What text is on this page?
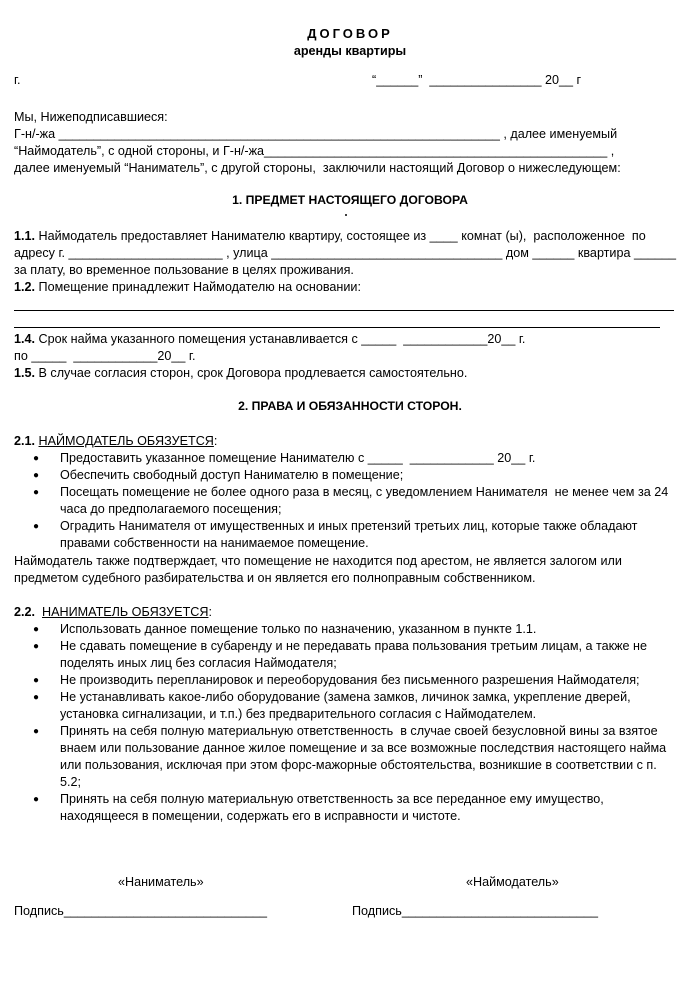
ДОГОВОР
аренды квартиры
г.	“______”  ________________ 20__ г
Мы, Нижеподписавшиеся:
Г-н/-жа _______________________________________________________________ , далее именуемый
“Наймодатель”, с одной стороны, и Г-н/-жа_________________________________________________ ,
далее именуемый “Наниматель”, с другой стороны,  заключили настоящий Договор о нижеследующем:
1. ПРЕДМЕТ НАСТОЯЩЕГО ДОГОВОРА
1.1. Наймодатель предоставляет Нанимателю квартиру, состоящее из ____ комнат (ы),  расположенное  по
адресу г. ______________________ , улица _________________________________ дом ______ квартира ______
за плату, во временное пользование в целях проживания.
1.2. Помещение принадлежит Наймодателю на основании:
1.4. Срок найма указанного помещения устанавливается с _____  ____________20__ г.
по _____  ____________20__ г.
1.5. В случае согласия сторон, срок Договора продлевается самостоятельно.
2. ПРАВА И ОБЯЗАННОСТИ СТОРОН.
2.1. НАЙМОДАТЕЛЬ ОБЯЗУЕТСЯ:
● Предоставить указанное помещение Нанимателю с _____  ____________ 20__ г.
● Обеспечить свободный доступ Нанимателю в помещение;
● Посещать помещение не более одного раза в месяц, с уведомлением Нанимателя  не менее чем за 24
часа до предполагаемого посещения;
● Оградить Нанимателя от имущественных и иных претензий третьих лиц, которые также обладают
правами собственности на нанимаемое помещение.
Наймодатель также подтверждает, что помещение не находится под арестом, не является залогом или
предметом судебного разбирательства и он является его полноправным собственником.
2.2. НАНИМАТЕЛЬ ОБЯЗУЕТСЯ:
● Использовать данное помещение только по назначению, указанном в пункте 1.1.
● Не сдавать помещение в субаренду и не передавать права пользования третьим лицам, а также не
поделять иных лиц без согласия Наймодателя;
● Не производить перепланировок и переоборудования без письменного разрешения Наймодателя;
● Не устанавливать какое-либо оборудование (замена замков, личинок замка, укрепление дверей,
установка сигнализации, и т.п.) без предварительного согласия с Наймодателем.
● Принять на себя полную материальную ответственность  в случае своей безусловной вины за взятое
внаем или пользование данное жилое помещение и за все возможные последствия настоящего найма
или пользования, исключая при этом форс-мажорные обстоятельства, возникшие в соответствии с п.
5.2;
● Принять на себя полную материальную ответственность за все переданное ему имущество,
находящееся в помещении, содержать его в исправности и чистоте.
«Наниматель»	«Наймодатель»
Подпись_____________________________	Подпись____________________________
